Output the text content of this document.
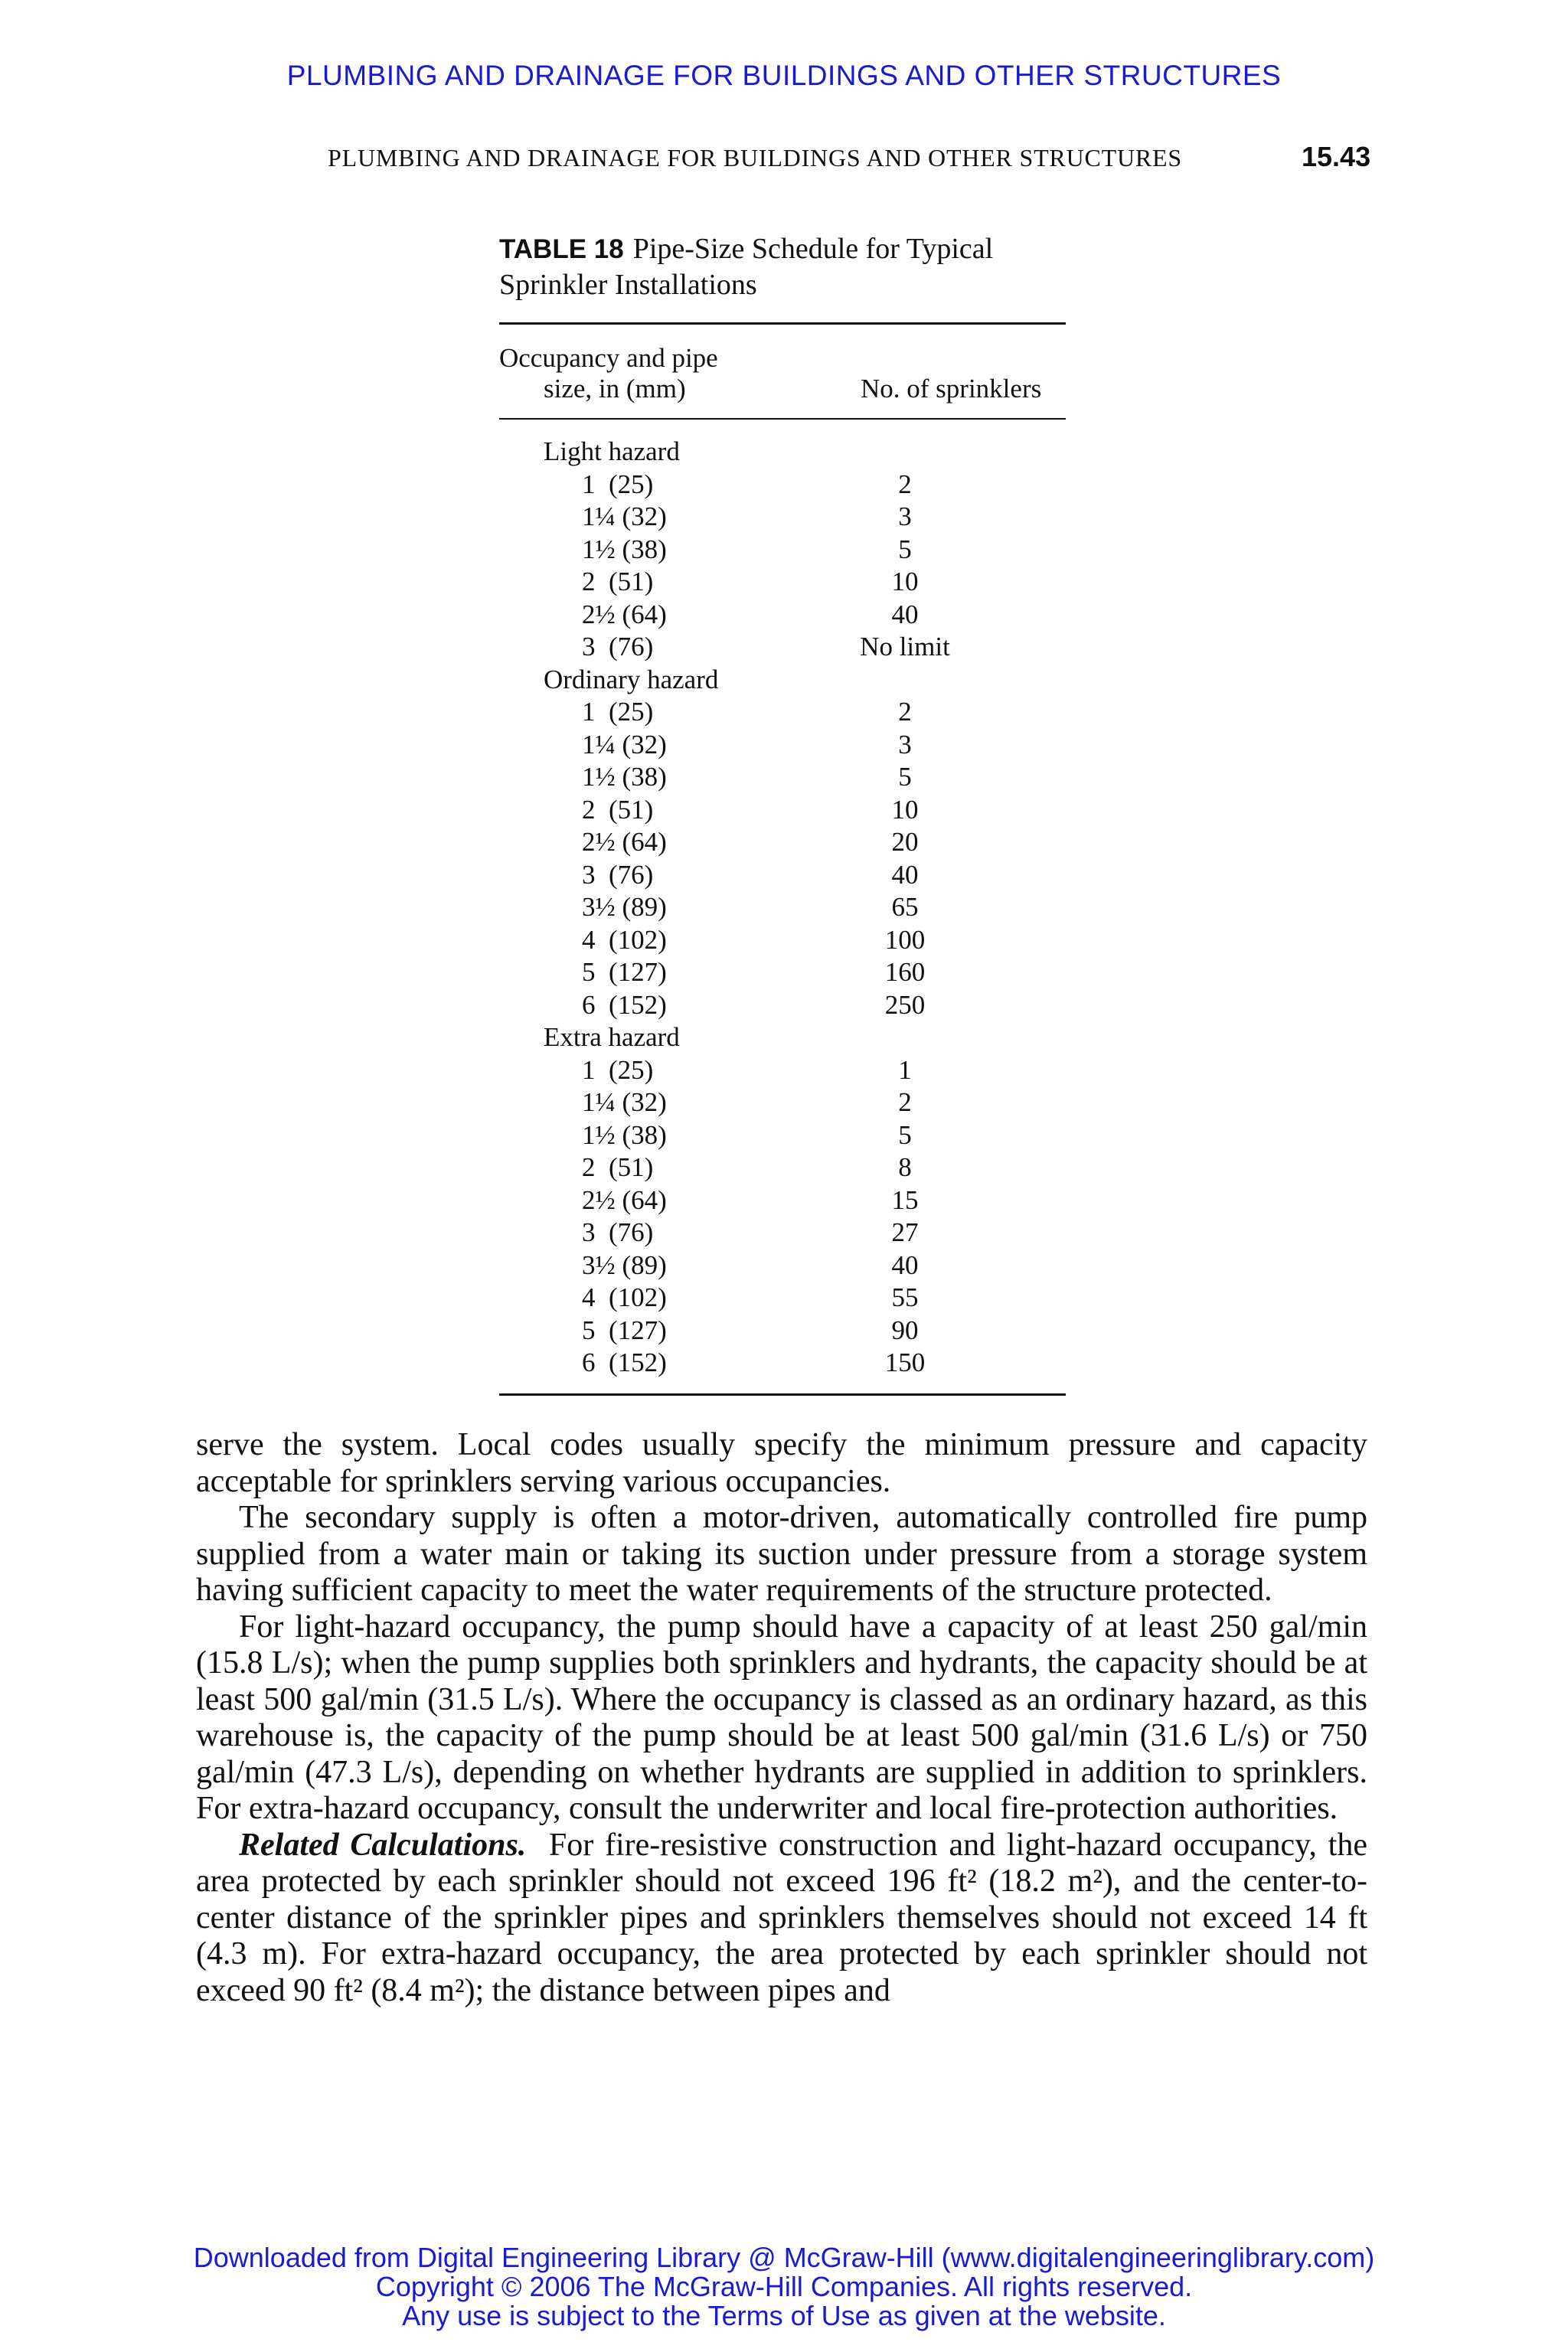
PLUMBING AND DRAINAGE FOR BUILDINGS AND OTHER STRUCTURES
PLUMBING AND DRAINAGE FOR BUILDINGS AND OTHER STRUCTURES	15.43
TABLE 18 Pipe-Size Schedule for Typical Sprinkler Installations
Occupancy and pipe
size, in (mm)	No. of sprinklers
Light hazard
1  (25)	2
1¼ (32)	3
1½ (38)	5
2  (51)	10
2½ (64)	40
3  (76)	No limit
Ordinary hazard
1  (25)	2
1¼ (32)	3
1½ (38)	5
2  (51)	10
2½ (64)	20
3  (76)	40
3½ (89)	65
4  (102)	100
5  (127)	160
6  (152)	250
Extra hazard
1  (25)	1
1¼ (32)	2
1½ (38)	5
2  (51)	8
2½ (64)	15
3  (76)	27
3½ (89)	40
4  (102)	55
5  (127)	90
6  (152)	150

serve the system. Local codes usually specify the minimum pressure and capacity acceptable for sprinklers serving various occupancies.

The secondary supply is often a motor-driven, automatically controlled fire pump supplied from a water main or taking its suction under pressure from a storage system having sufficient capacity to meet the water requirements of the structure protected.

For light-hazard occupancy, the pump should have a capacity of at least 250 gal/min (15.8 L/s); when the pump supplies both sprinklers and hydrants, the capacity should be at least 500 gal/min (31.5 L/s). Where the occupancy is classed as an ordinary hazard, as this warehouse is, the capacity of the pump should be at least 500 gal/min (31.6 L/s) or 750 gal/min (47.3 L/s), depending on whether hydrants are supplied in addition to sprinklers. For extra-hazard occupancy, consult the underwriter and local fire-protection authorities.

Related Calculations. For fire-resistive construction and light-hazard occupancy, the area protected by each sprinkler should not exceed 196 ft² (18.2 m²), and the center-to-center distance of the sprinkler pipes and sprinklers themselves should not exceed 14 ft (4.3 m). For extra-hazard occupancy, the area protected by each sprinkler should not exceed 90 ft² (8.4 m²); the distance between pipes and

Downloaded from Digital Engineering Library @ McGraw-Hill (www.digitalengineeringlibrary.com)
Copyright © 2006 The McGraw-Hill Companies. All rights reserved.
Any use is subject to the Terms of Use as given at the website.
